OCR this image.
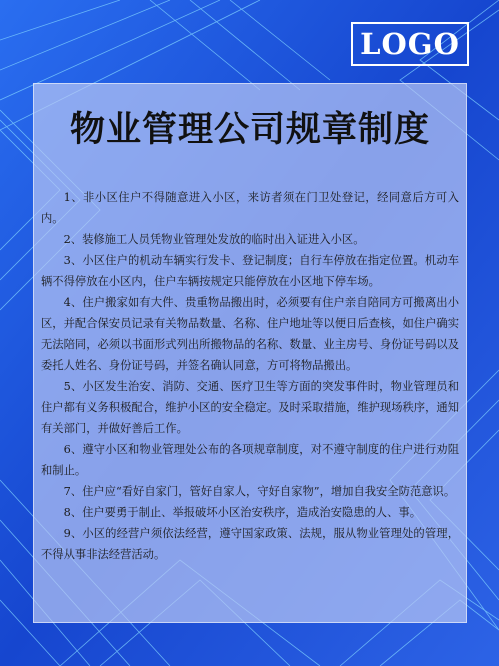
LOGO
物业管理公司规章制度

1、非小区住户不得随意进入小区，来访者须在门卫处登记，经同意后方可入内。

2、装修施工人员凭物业管理处发放的临时出入证进入小区。

3、小区住户的机动车辆实行发卡、登记制度；自行车停放在指定位置。机动车辆不得停放在小区内，住户车辆按规定只能停放在小区地下停车场。

4、住户搬家如有大件、贵重物品搬出时，必须要有住户亲自陪同方可搬离出小区，并配合保安员记录有关物品数量、名称、住户地址等以便日后查核，如住户确实无法陪同，必须以书面形式列出所搬物品的名称、数量、业主房号、身份证号码以及委托人姓名、身份证号码，并签名确认同意，方可将物品搬出。

5、小区发生治安、消防、交通、医疗卫生等方面的突发事件时，物业管理员和住户都有义务积极配合，维护小区的安全稳定。及时采取措施，维护现场秩序，通知有关部门，并做好善后工作。

6、遵守小区和物业管理处公布的各项规章制度，对不遵守制度的住户进行劝阻和制止。

7、住户应“看好自家门，管好自家人，守好自家物”，增加自我安全防范意识。

8、住户要勇于制止、举报破坏小区治安秩序，造成治安隐患的人、事。

9、小区的经营户须依法经营，遵守国家政策、法规，服从物业管理处的管理，不得从事非法经营活动。
